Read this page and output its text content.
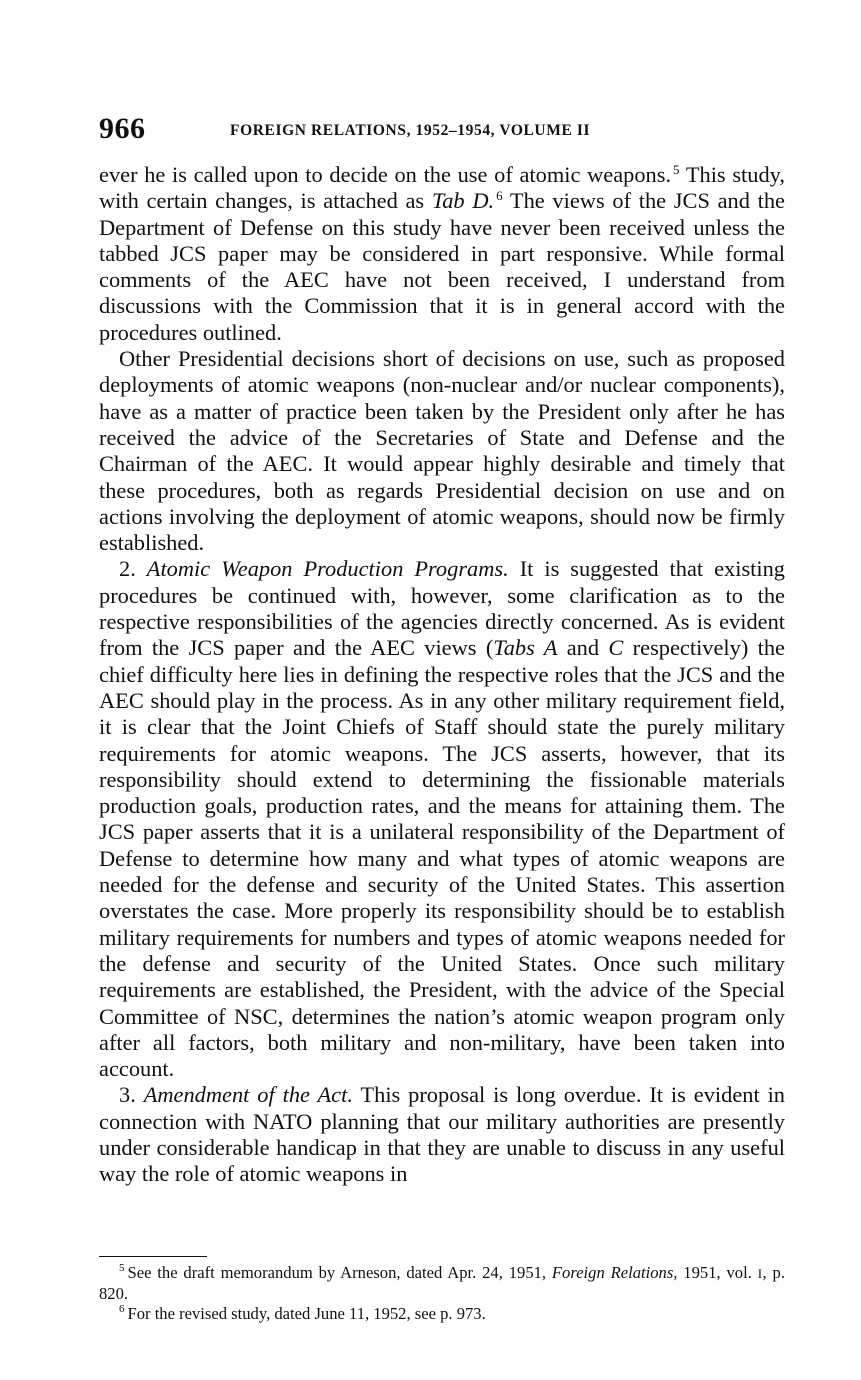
966	FOREIGN RELATIONS, 1952–1954, VOLUME II

ever he is called upon to decide on the use of atomic weapons. $^5$ This study, with certain changes, is attached as Tab D. $^6$ The views of the JCS and the Department of Defense on this study have never been received unless the tabbed JCS paper may be considered in part responsive. While formal comments of the AEC have not been received, I understand from discussions with the Commission that it is in general accord with the procedures outlined.

Other Presidential decisions short of decisions on use, such as proposed deployments of atomic weapons (non-nuclear and/or nuclear components), have as a matter of practice been taken by the President only after he has received the advice of the Secretaries of State and Defense and the Chairman of the AEC. It would appear highly desirable and timely that these procedures, both as regards Presidential decision on use and on actions involving the deployment of atomic weapons, should now be firmly established.

2. Atomic Weapon Production Programs. It is suggested that existing procedures be continued with, however, some clarification as to the respective responsibilities of the agencies directly concerned. As is evident from the JCS paper and the AEC views (Tabs A and C respectively) the chief difficulty here lies in defining the respective roles that the JCS and the AEC should play in the process. As in any other military requirement field, it is clear that the Joint Chiefs of Staff should state the purely military requirements for atomic weapons. The JCS asserts, however, that its responsibility should extend to determining the fissionable materials production goals, production rates, and the means for attaining them. The JCS paper asserts that it is a unilateral responsibility of the Department of Defense to determine how many and what types of atomic weapons are needed for the defense and security of the United States. This assertion overstates the case. More properly its responsibility should be to establish military requirements for numbers and types of atomic weapons needed for the defense and security of the United States. Once such military requirements are established, the President, with the advice of the Special Committee of NSC, determines the nation’s atomic weapon program only after all factors, both military and non-military, have been taken into account.

3. Amendment of the Act. This proposal is long overdue. It is evident in connection with NATO planning that our military authorities are presently under considerable handicap in that they are unable to discuss in any useful way the role of atomic weapons in

$^5$ See the draft memorandum by Arneson, dated Apr. 24, 1951, Foreign Relations, 1951, vol. I, p. 820.

$^6$ For the revised study, dated June 11, 1952, see p. 973.
